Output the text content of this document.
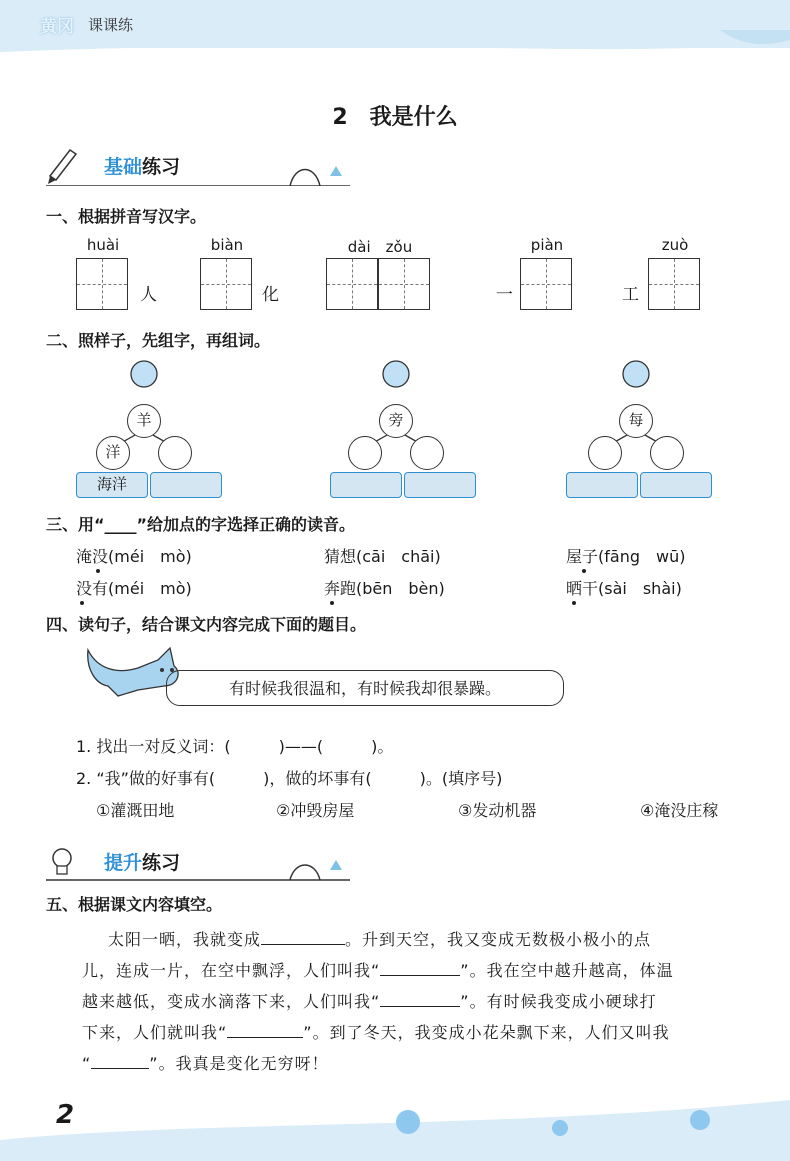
黄冈 课课练
2　我是什么
基础练习
一、根据拼音写汉字。
huài
人
biàn
化
dài　zǒu
一
piàn
工
zuò
二、照样子，先组字，再组词。
羊
洋
海洋
旁	每
三、用“____”给加点的字选择正确的读音。
淹没(méi　mò)	猜想(cāi　chāi)	屋子(fāng　wū)
没有(méi　mò)	奔跑(bēn　bèn)	晒干(sài　shài)
四、读句子，结合课文内容完成下面的题目。
有时候我很温和，有时候我却很暴躁。
1. 找出一对反义词：(　　　)——(　　　)。
2. “我”做的好事有(　　　)，做的坏事有(　　　)。(填序号)
①灌溉田地	②冲毁房屋	③发动机器	④淹没庄稼
提升练习
五、根据课文内容填空。
太阳一晒，我就变成	。升到天空，我又变成无数极小极小的点
儿，连成一片，在空中飘浮，人们叫我“	”。我在空中越升越高，体温
越来越低，变成水滴落下来，人们叫我“	”。有时候我变成小硬球打
下来，人们就叫我“	”。到了冬天，我变成小花朵飘下来，人们又叫我
“	”。我真是变化无穷呀！
2
